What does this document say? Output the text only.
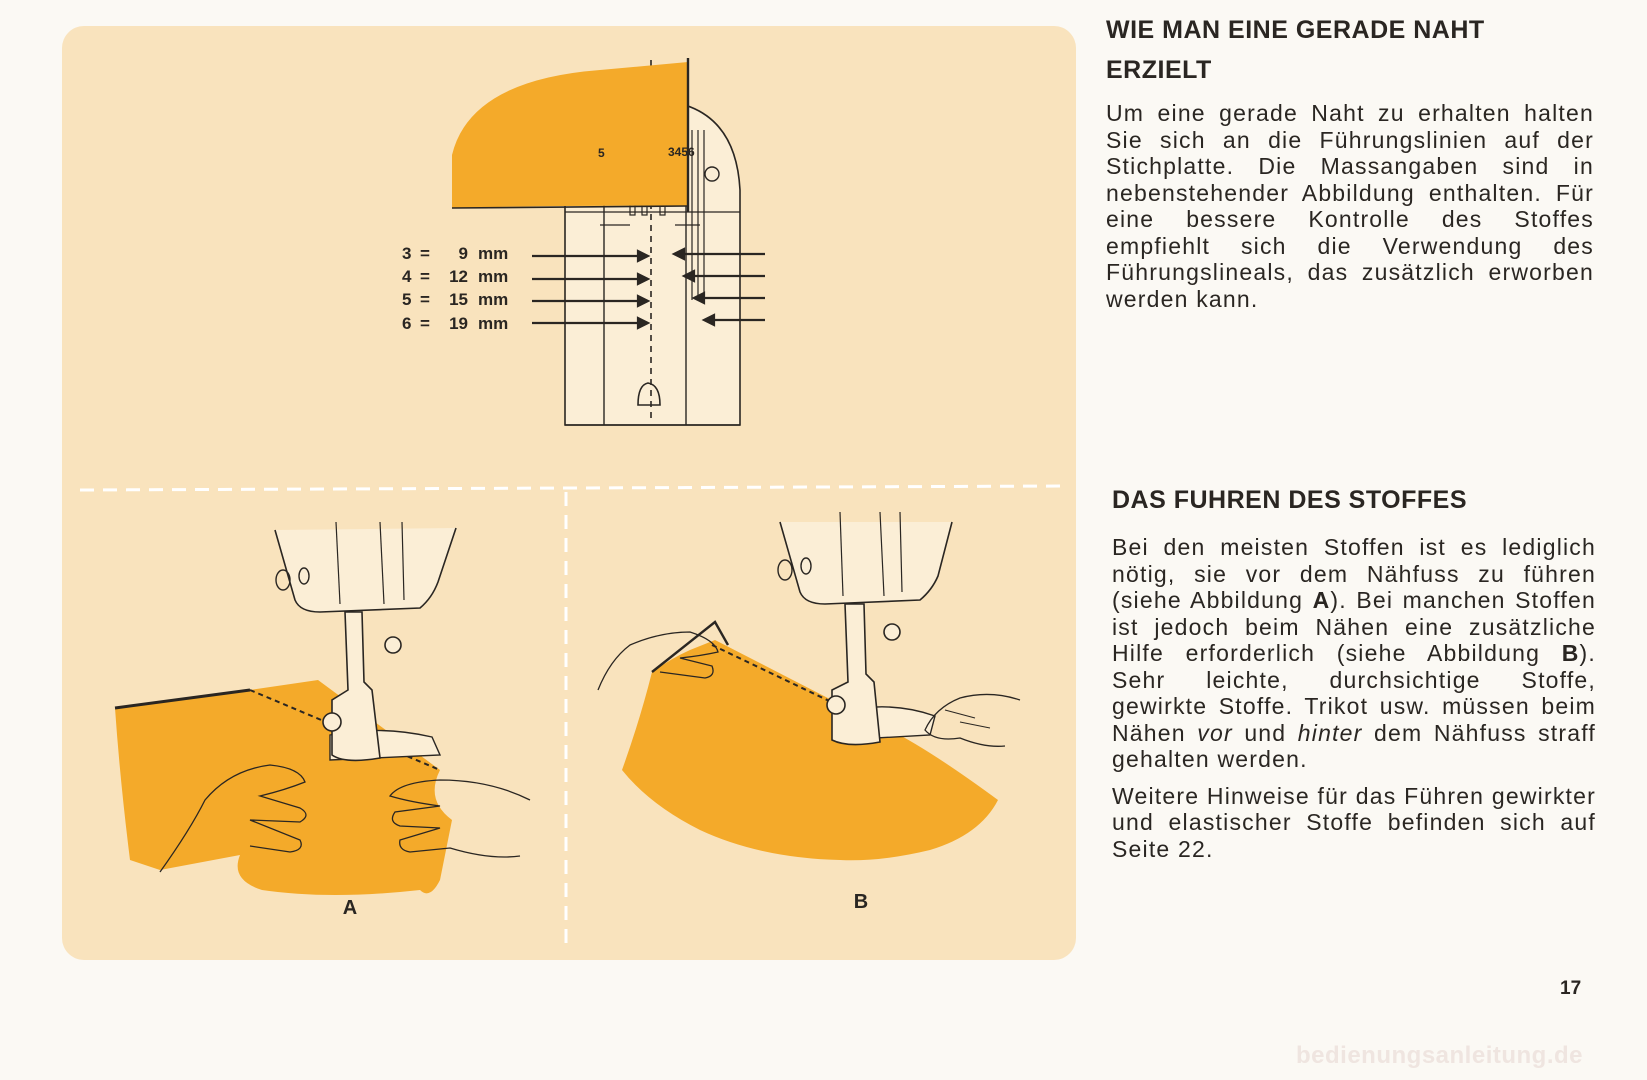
5	3456
3 = 9 mm
4 = 12 mm
5 = 15 mm
6 = 19 mm
A	B
WIE MAN EINE GERADE NAHT ERZIELT

Um eine gerade Naht zu erhalten halten Sie sich an die Führungslinien auf der Stichplatte. Die Massangaben sind in nebenstehender Abbildung enthalten. Für eine bessere Kontrolle des Stoffes empfiehlt sich die Verwendung des Führungslineals, das zusätzlich erworben werden kann.

DAS FUHREN DES STOFFES

Bei den meisten Stoffen ist es lediglich nötig, sie vor dem Nähfuss zu führen (siehe Abbildung A). Bei manchen Stoffen ist jedoch beim Nähen eine zusätzliche Hilfe erforderlich (siehe Abbildung B). Sehr leichte, durchsichtige Stoffe, gewirkte Stoffe. Trikot usw. müssen beim Nähen vor und hinter dem Nähfuss straff gehalten werden.

Weitere Hinweise für das Führen gewirkter und elastischer Stoffe befinden sich auf Seite 22.

17
bedienungsanleitung.de
